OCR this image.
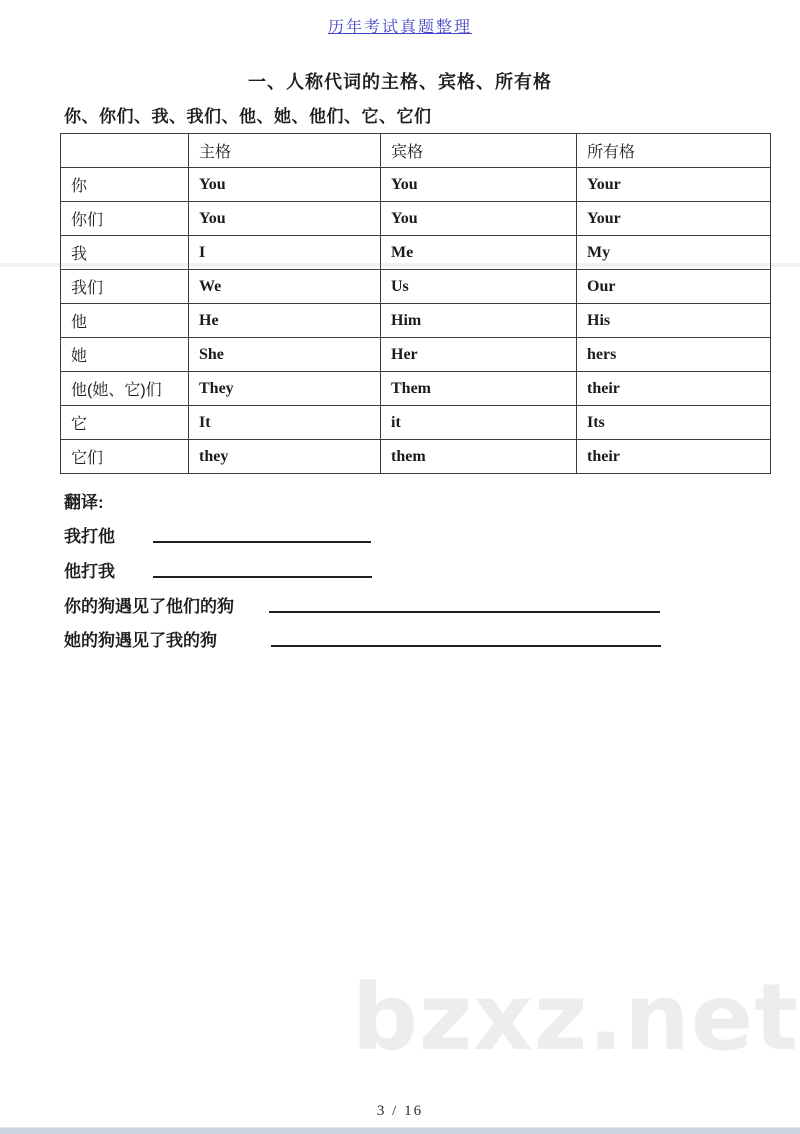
历年考试真题整理
一、人称代词的主格、宾格、所有格
你、你们、我、我们、他、她、他们、它、它们
	主格	宾格	所有格
你	You	You	Your
你们	You	You	Your
我	I	Me	My
我们	We	Us	Our
他	He	Him	His
她	She	Her	hers
他(她、它)们	They	Them	their
它	It	it	Its
它们	they	them	their
翻译:
我打他
他打我
你的狗遇见了他们的狗
她的狗遇见了我的狗
bzxz.net
3 / 16
